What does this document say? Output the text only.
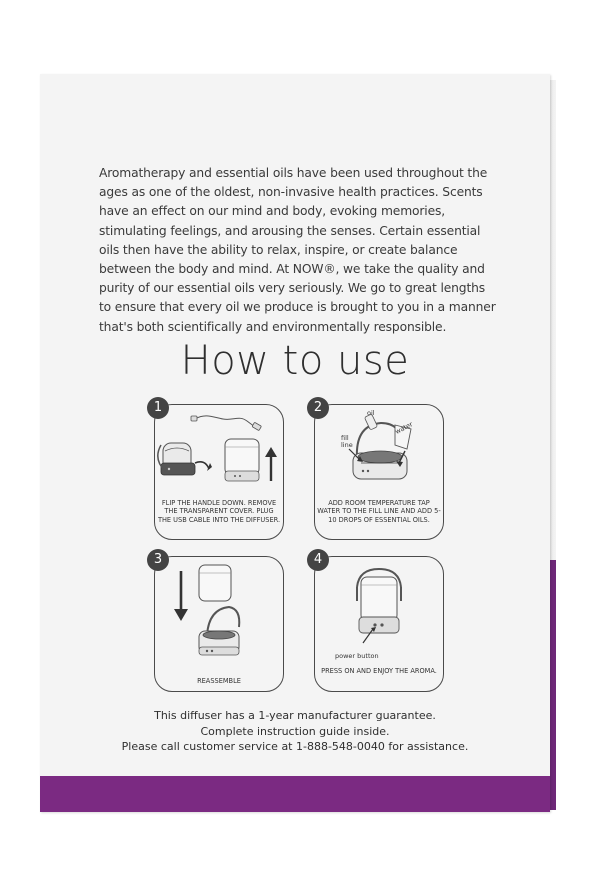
Aromatherapy and essential oils have been used throughout the ages as one of the oldest, non-invasive health practices. Scents have an effect on our mind and body, evoking memories, stimulating feelings, and arousing the senses. Certain essential oils then have the ability to relax, inspire, or create balance between the body and mind. At NOW®, we take the quality and purity of our essential oils very seriously. We go to great lengths to ensure that every oil we produce is brought to you in a manner that's both scientifically and environmentally responsible.

How to use
1
FLIP THE HANDLE DOWN. REMOVE THE TRANSPARENT COVER. PLUG THE USB CABLE INTO THE DIFFUSER.
2	oil
water
fill line
ADD ROOM TEMPERATURE TAP WATER TO THE FILL LINE AND ADD 5-10 DROPS OF ESSENTIAL OILS.
3
REASSEMBLE
4
power button
PRESS ON AND ENJOY THE AROMA.
This diffuser has a 1-year manufacturer guarantee.
Complete instruction guide inside.
Please call customer service at 1-888-548-0040 for assistance.
